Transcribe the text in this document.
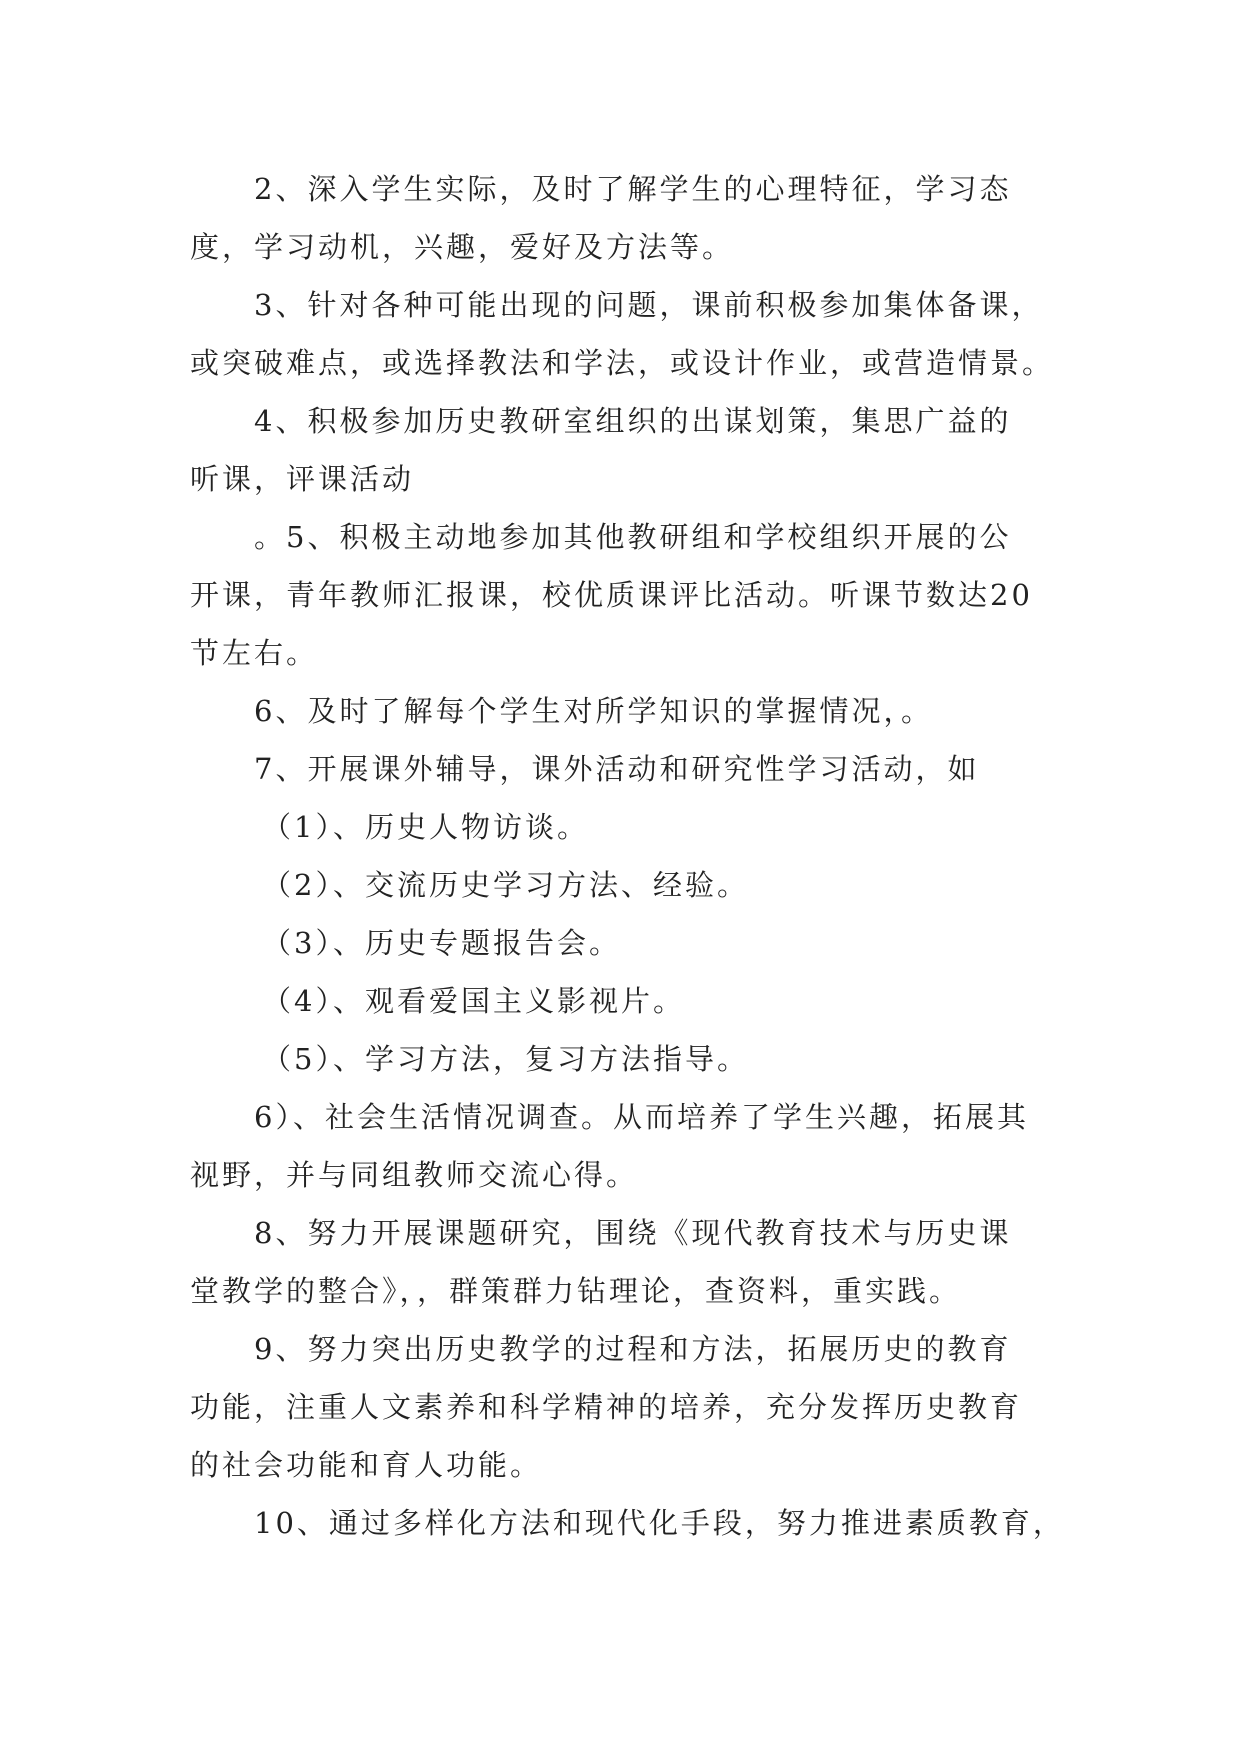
2、深入学生实际，及时了解学生的心理特征，学习态
度，学习动机，兴趣，爱好及方法等。
3、针对各种可能出现的问题，课前积极参加集体备课，
或突破难点，或选择教法和学法，或设计作业，或营造情景。
4、积极参加历史教研室组织的出谋划策，集思广益的
听课，评课活动
。5、积极主动地参加其他教研组和学校组织开展的公
开课，青年教师汇报课，校优质课评比活动。听课节数达20
节左右。
6、及时了解每个学生对所学知识的掌握情况，。
7、开展课外辅导，课外活动和研究性学习活动，如
（1）、历史人物访谈。
（2）、交流历史学习方法、经验。
（3）、历史专题报告会。
（4）、观看爱国主义影视片。
（5）、学习方法，复习方法指导。
6）、社会生活情况调查。从而培养了学生兴趣，拓展其
视野，并与同组教师交流心得。
8、努力开展课题研究，围绕《现代教育技术与历史课
堂教学的整合》，，群策群力钻理论，查资料，重实践。
9、努力突出历史教学的过程和方法，拓展历史的教育
功能，注重人文素养和科学精神的培养，充分发挥历史教育
的社会功能和育人功能。
10、通过多样化方法和现代化手段，努力推进素质教育，
